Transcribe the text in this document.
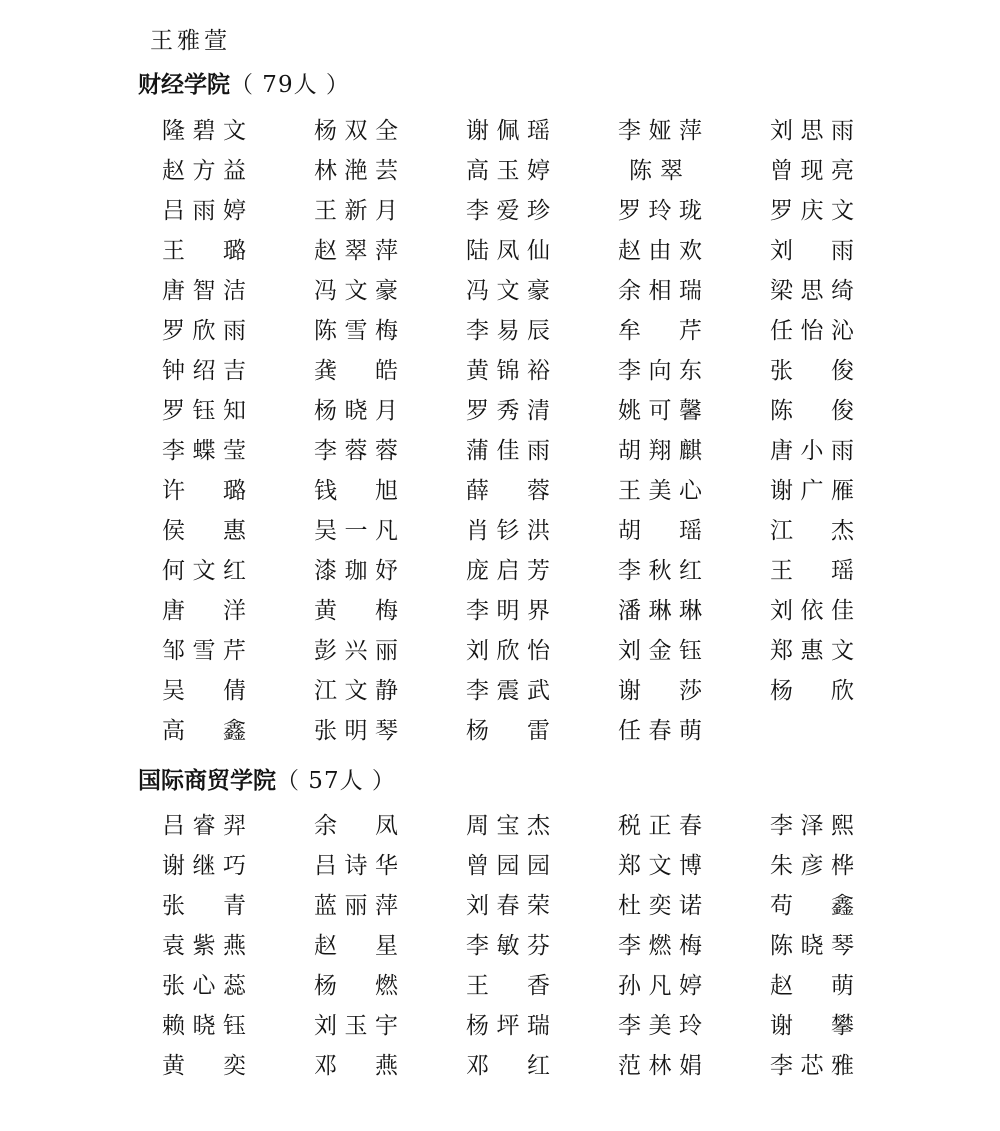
王雅萱
财经学院（ 79人 ）
隆 碧 文	杨 双 全	谢 佩 瑶	李 娅 萍	刘 思 雨
赵 方 益	林 滟 芸	高 玉 婷	陈翠	曾 现 亮
吕 雨 婷	王 新 月	李 爱 珍	罗 玲 珑	罗 庆 文
王 璐	赵 翠 萍	陆 凤 仙	赵 由 欢	刘 雨
唐 智 洁	冯 文 豪	冯 文 豪	余 相 瑞	梁 思 绮
罗 欣 雨	陈 雪 梅	李 易 辰	牟 芹	任 怡 沁
钟 绍 吉	龚 皓	黄 锦 裕	李 向 东	张 俊
罗 钰 知	杨 晓 月	罗 秀 清	姚 可 馨	陈 俊
李 蝶 莹	李 蓉 蓉	蒲 佳 雨	胡 翔 麒	唐 小 雨
许 璐	钱 旭	薛 蓉	王 美 心	谢 广 雁
侯 惠	吴 一 凡	肖 钐 洪	胡 瑶	江 杰
何 文 红	漆 珈 妤	庞 启 芳	李 秋 红	王 瑶
唐 洋	黄 梅	李 明 界	潘 琳 琳	刘 依 佳
邹 雪 芹	彭 兴 丽	刘 欣 怡	刘 金 钰	郑 惠 文
吴 倩	江 文 静	李 震 武	谢 莎	杨 欣
高 鑫	张 明 琴	杨 雷	任 春 萌
国际商贸学院（ 57人 ）
吕 睿 羿	余 凤	周 宝 杰	税 正 春	李 泽 熙
谢 继 巧	吕 诗 华	曾 园 园	郑 文 博	朱 彦 桦
张 青	蓝 丽 萍	刘 春 荣	杜 奕 诺	苟 鑫
袁 紫 燕	赵 星	李 敏 芬	李 燃 梅	陈 晓 琴
张 心 蕊	杨 燃	王 香	孙 凡 婷	赵 萌
赖 晓 钰	刘 玉 宇	杨 坪 瑞	李 美 玲	谢 攀
黄 奕	邓 燕	邓 红	范 林 娟	李 芯 雅
